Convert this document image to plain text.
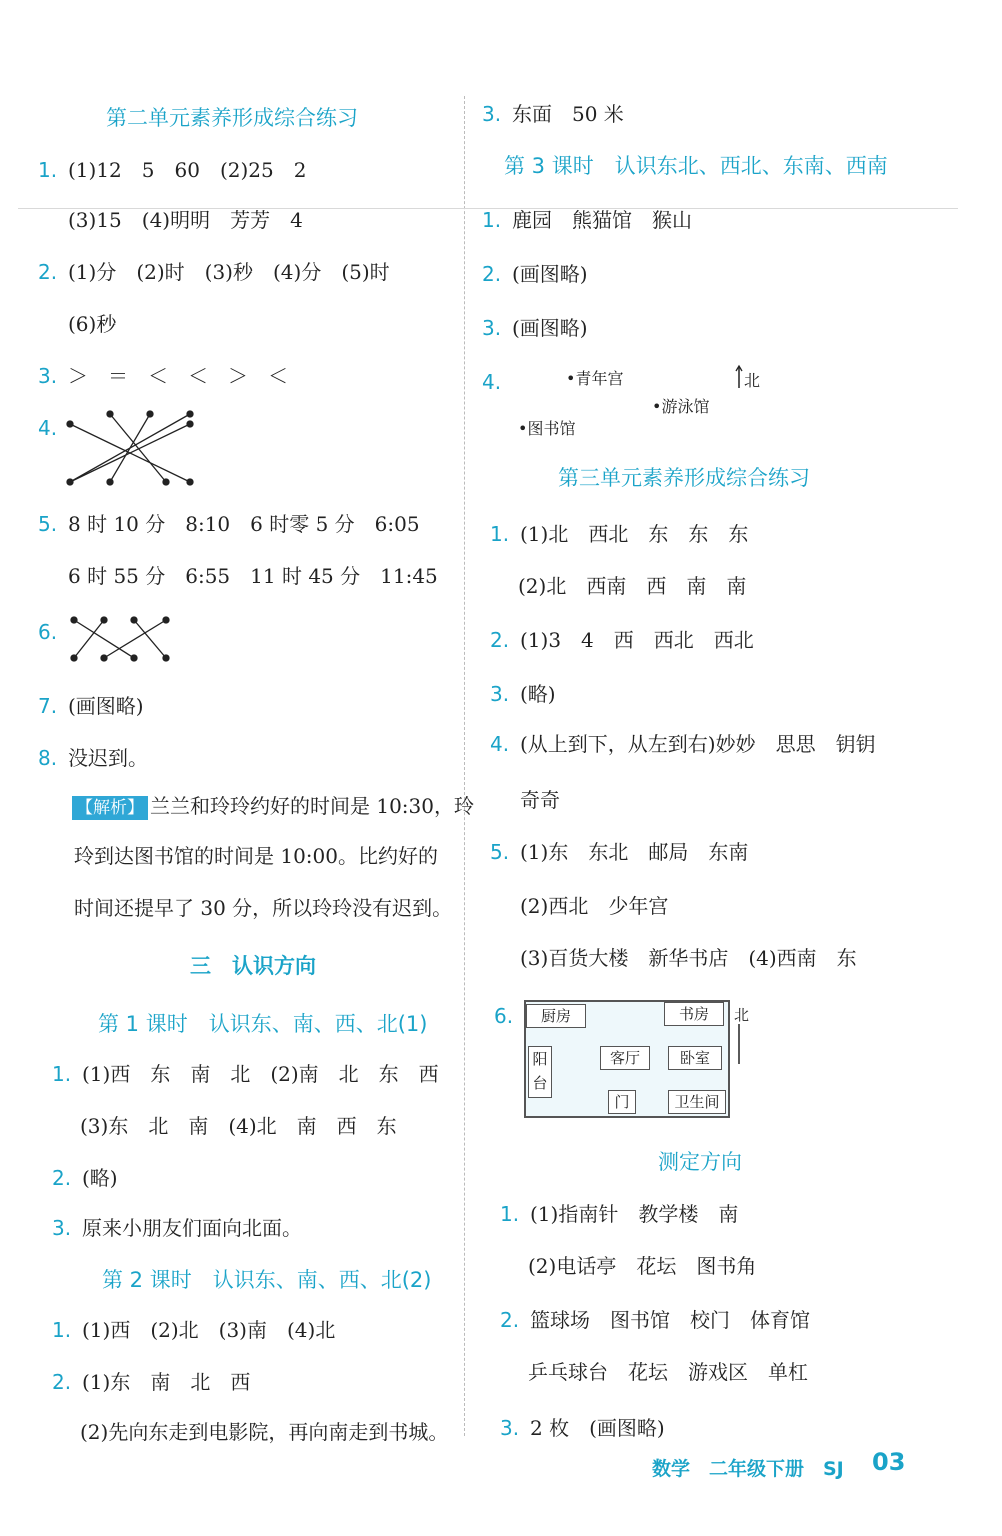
第二单元素养形成综合练习
1. (1)12　5　60　(2)25　2
(3)15　(4)明明　芳芳　4
2. (1)分　(2)时　(3)秒　(4)分　(5)时
(6)秒
3. ＞　＝　＜　＜　＞　＜
4.
5. 8 时 10 分　8:10　6 时零 5 分　6:05
6 时 55 分　6:55　11 时 45 分　11:45
6.
7. (画图略)
8. 没迟到。
【解析】 兰兰和玲玲约好的时间是 10:30，玲
玲到达图书馆的时间是 10:00。比约好的
时间还提早了 30 分，所以玲玲没有迟到。
三　认识方向
第 1 课时　认识东、南、西、北(1)
1. (1)西　东　南　北　(2)南　北　东　西
(3)东　北　南　(4)北　南　西　东
2. (略)
3. 原来小朋友们面向北面。
第 2 课时　认识东、南、西、北(2)
1. (1)西　(2)北　(3)南　(4)北
2. (1)东　南　北　西
(2)先向东走到电影院，再向南走到书城。
3. 东面　50 米
第 3 课时　认识东北、西北、东南、西南
1. 鹿园　熊猫馆　猴山
2. (画图略)
3. (画图略)
4.	•青年宫	北
•游泳馆
•图书馆
第三单元素养形成综合练习
1. (1)北　西北　东　东　东
(2)北　西南　西　南　南
2. (1)3　4　西　西北　西北
3. (略)
4. (从上到下，从左到右)妙妙　思思　钥钥
奇奇
5. (1)东　东北　邮局　东南
(2)西北　少年宫
(3)百货大楼　新华书店　(4)西南　东
6.	厨房	书房
阳台
客厅	卧室
门	卫生间
北
测定方向
1. (1)指南针　教学楼　南
(2)电话亭　花坛　图书角
2. 篮球场　图书馆　校门　体育馆
乒乓球台　花坛　游戏区　单杠
3. 2 枚　(画图略)
数学　二年级下册　SJ 03
